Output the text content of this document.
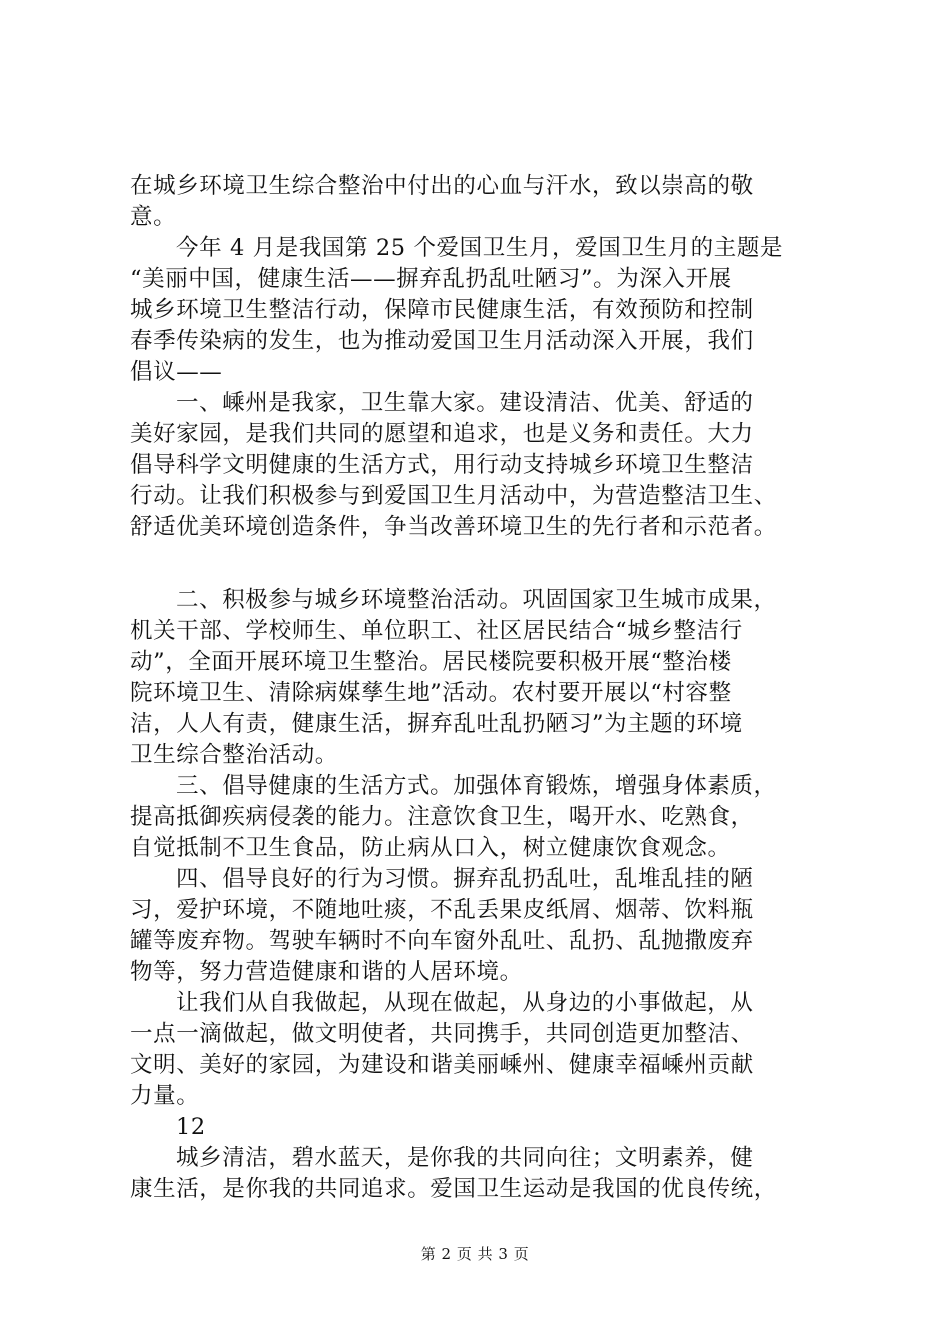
在城乡环境卫生综合整治中付出的心血与汗水，致以崇高的敬
意。
今年 4 月是我国第 25 个爱国卫生月，爱国卫生月的主题是
“美丽中国，健康生活——摒弃乱扔乱吐陋习”。为深入开展
城乡环境卫生整洁行动，保障市民健康生活，有效预防和控制
春季传染病的发生，也为推动爱国卫生月活动深入开展，我们
倡议——
一、嵊州是我家，卫生靠大家。建设清洁、优美、舒适的
美好家园，是我们共同的愿望和追求，也是义务和责任。大力
倡导科学文明健康的生活方式，用行动支持城乡环境卫生整洁
行动。让我们积极参与到爱国卫生月活动中，为营造整洁卫生、
舒适优美环境创造条件，争当改善环境卫生的先行者和示范者。
二、积极参与城乡环境整治活动。巩固国家卫生城市成果，
机关干部、学校师生、单位职工、社区居民结合“城乡整洁行
动”，全面开展环境卫生整治。居民楼院要积极开展“整治楼
院环境卫生、清除病媒孳生地”活动。农村要开展以“村容整
洁，人人有责，健康生活，摒弃乱吐乱扔陋习”为主题的环境
卫生综合整治活动。
三、倡导健康的生活方式。加强体育锻炼，增强身体素质，
提高抵御疾病侵袭的能力。注意饮食卫生，喝开水、吃熟食，
自觉抵制不卫生食品，防止病从口入，树立健康饮食观念。
四、倡导良好的行为习惯。摒弃乱扔乱吐，乱堆乱挂的陋
习，爱护环境，不随地吐痰，不乱丢果皮纸屑、烟蒂、饮料瓶
罐等废弃物。驾驶车辆时不向车窗外乱吐、乱扔、乱抛撒废弃
物等，努力营造健康和谐的人居环境。
让我们从自我做起，从现在做起，从身边的小事做起，从
一点一滴做起，做文明使者，共同携手，共同创造更加整洁、
文明、美好的家园，为建设和谐美丽嵊州、健康幸福嵊州贡献
力量。
12
城乡清洁，碧水蓝天，是你我的共同向往；文明素养，健
康生活，是你我的共同追求。爱国卫生运动是我国的优良传统，
第 2 页 共 3 页
